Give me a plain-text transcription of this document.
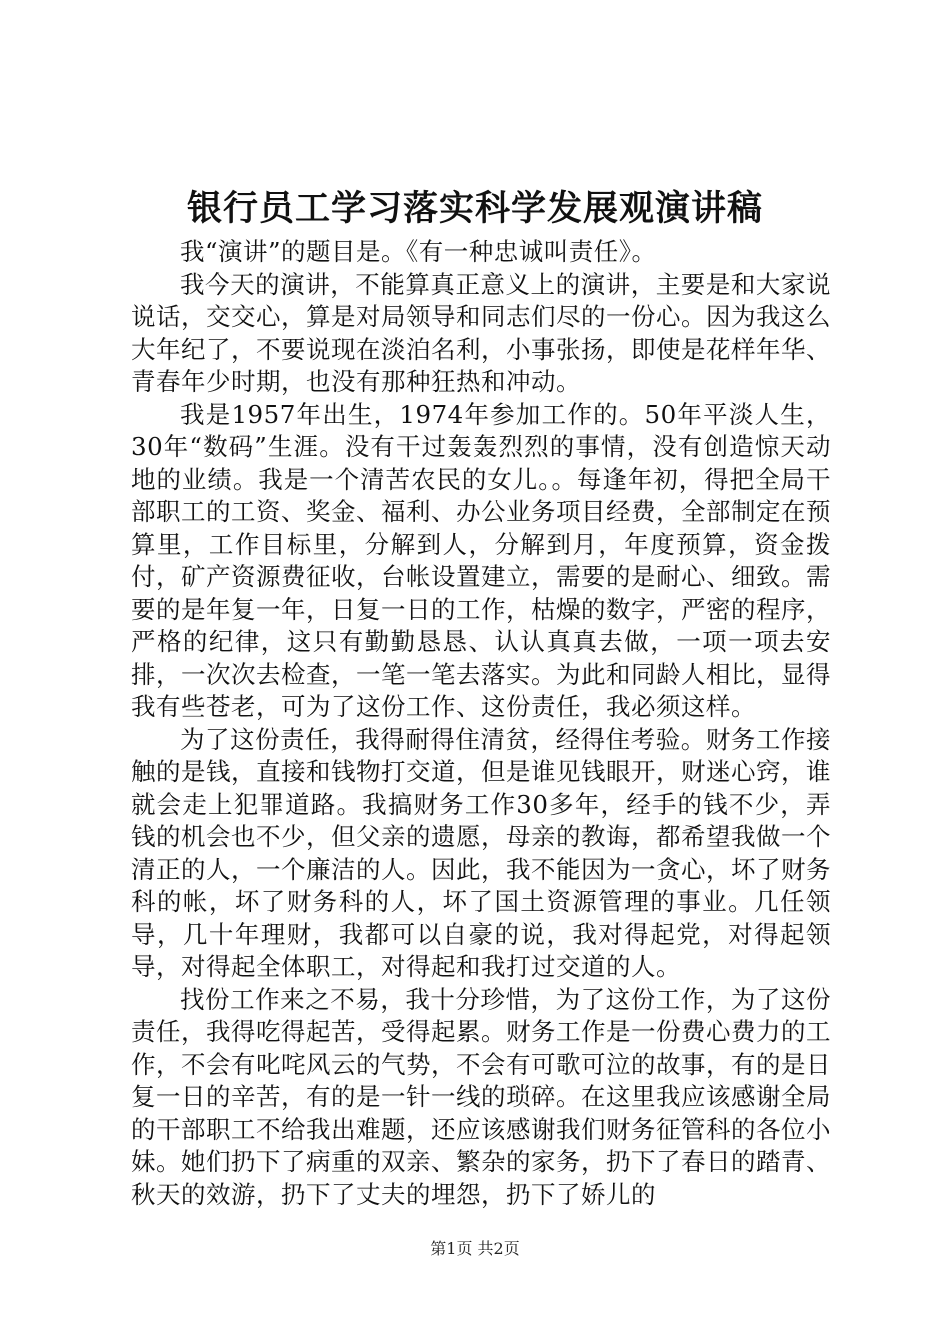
银行员工学习落实科学发展观演讲稿

我“演讲”的题目是。《有一种忠诚叫责任》。

我今天的演讲，不能算真正意义上的演讲，主要是和大家说说话，交交心，算是对局领导和同志们尽的一份心。因为我这么大年纪了，不要说现在淡泊名利，小事张扬，即使是花样年华、青春年少时期，也没有那种狂热和冲动。

我是1957年出生，1974年参加工作的。50年平淡人生，30年“数码”生涯。没有干过轰轰烈烈的事情，没有创造惊天动地的业绩。我是一个清苦农民的女儿。。每逢年初，得把全局干部职工的工资、奖金、福利、办公业务项目经费，全部制定在预算里，工作目标里，分解到人，分解到月，年度预算，资金拨付，矿产资源费征收，台帐设置建立，需要的是耐心、细致。需要的是年复一年，日复一日的工作，枯燥的数字，严密的程序，严格的纪律，这只有勤勤恳恳、认认真真去做，一项一项去安排，一次次去检查，一笔一笔去落实。为此和同龄人相比，显得我有些苍老，可为了这份工作、这份责任，我必须这样。

为了这份责任，我得耐得住清贫，经得住考验。财务工作接触的是钱，直接和钱物打交道，但是谁见钱眼开，财迷心窍，谁就会走上犯罪道路。我搞财务工作30多年，经手的钱不少，弄钱的机会也不少，但父亲的遗愿，母亲的教诲，都希望我做一个清正的人，一个廉洁的人。因此，我不能因为一贪心，坏了财务科的帐，坏了财务科的人，坏了国土资源管理的事业。几任领导，几十年理财，我都可以自豪的说，我对得起党，对得起领导，对得起全体职工，对得起和我打过交道的人。

找份工作来之不易，我十分珍惜，为了这份工作，为了这份责任，我得吃得起苦，受得起累。财务工作是一份费心费力的工作，不会有叱咤风云的气势，不会有可歌可泣的故事，有的是日复一日的辛苦，有的是一针一线的琐碎。在这里我应该感谢全局的干部职工不给我出难题，还应该感谢我们财务征管科的各位小妹。她们扔下了病重的双亲、繁杂的家务，扔下了春日的踏青、秋天的效游，扔下了丈夫的埋怨，扔下了娇儿的

第1页 共2页
